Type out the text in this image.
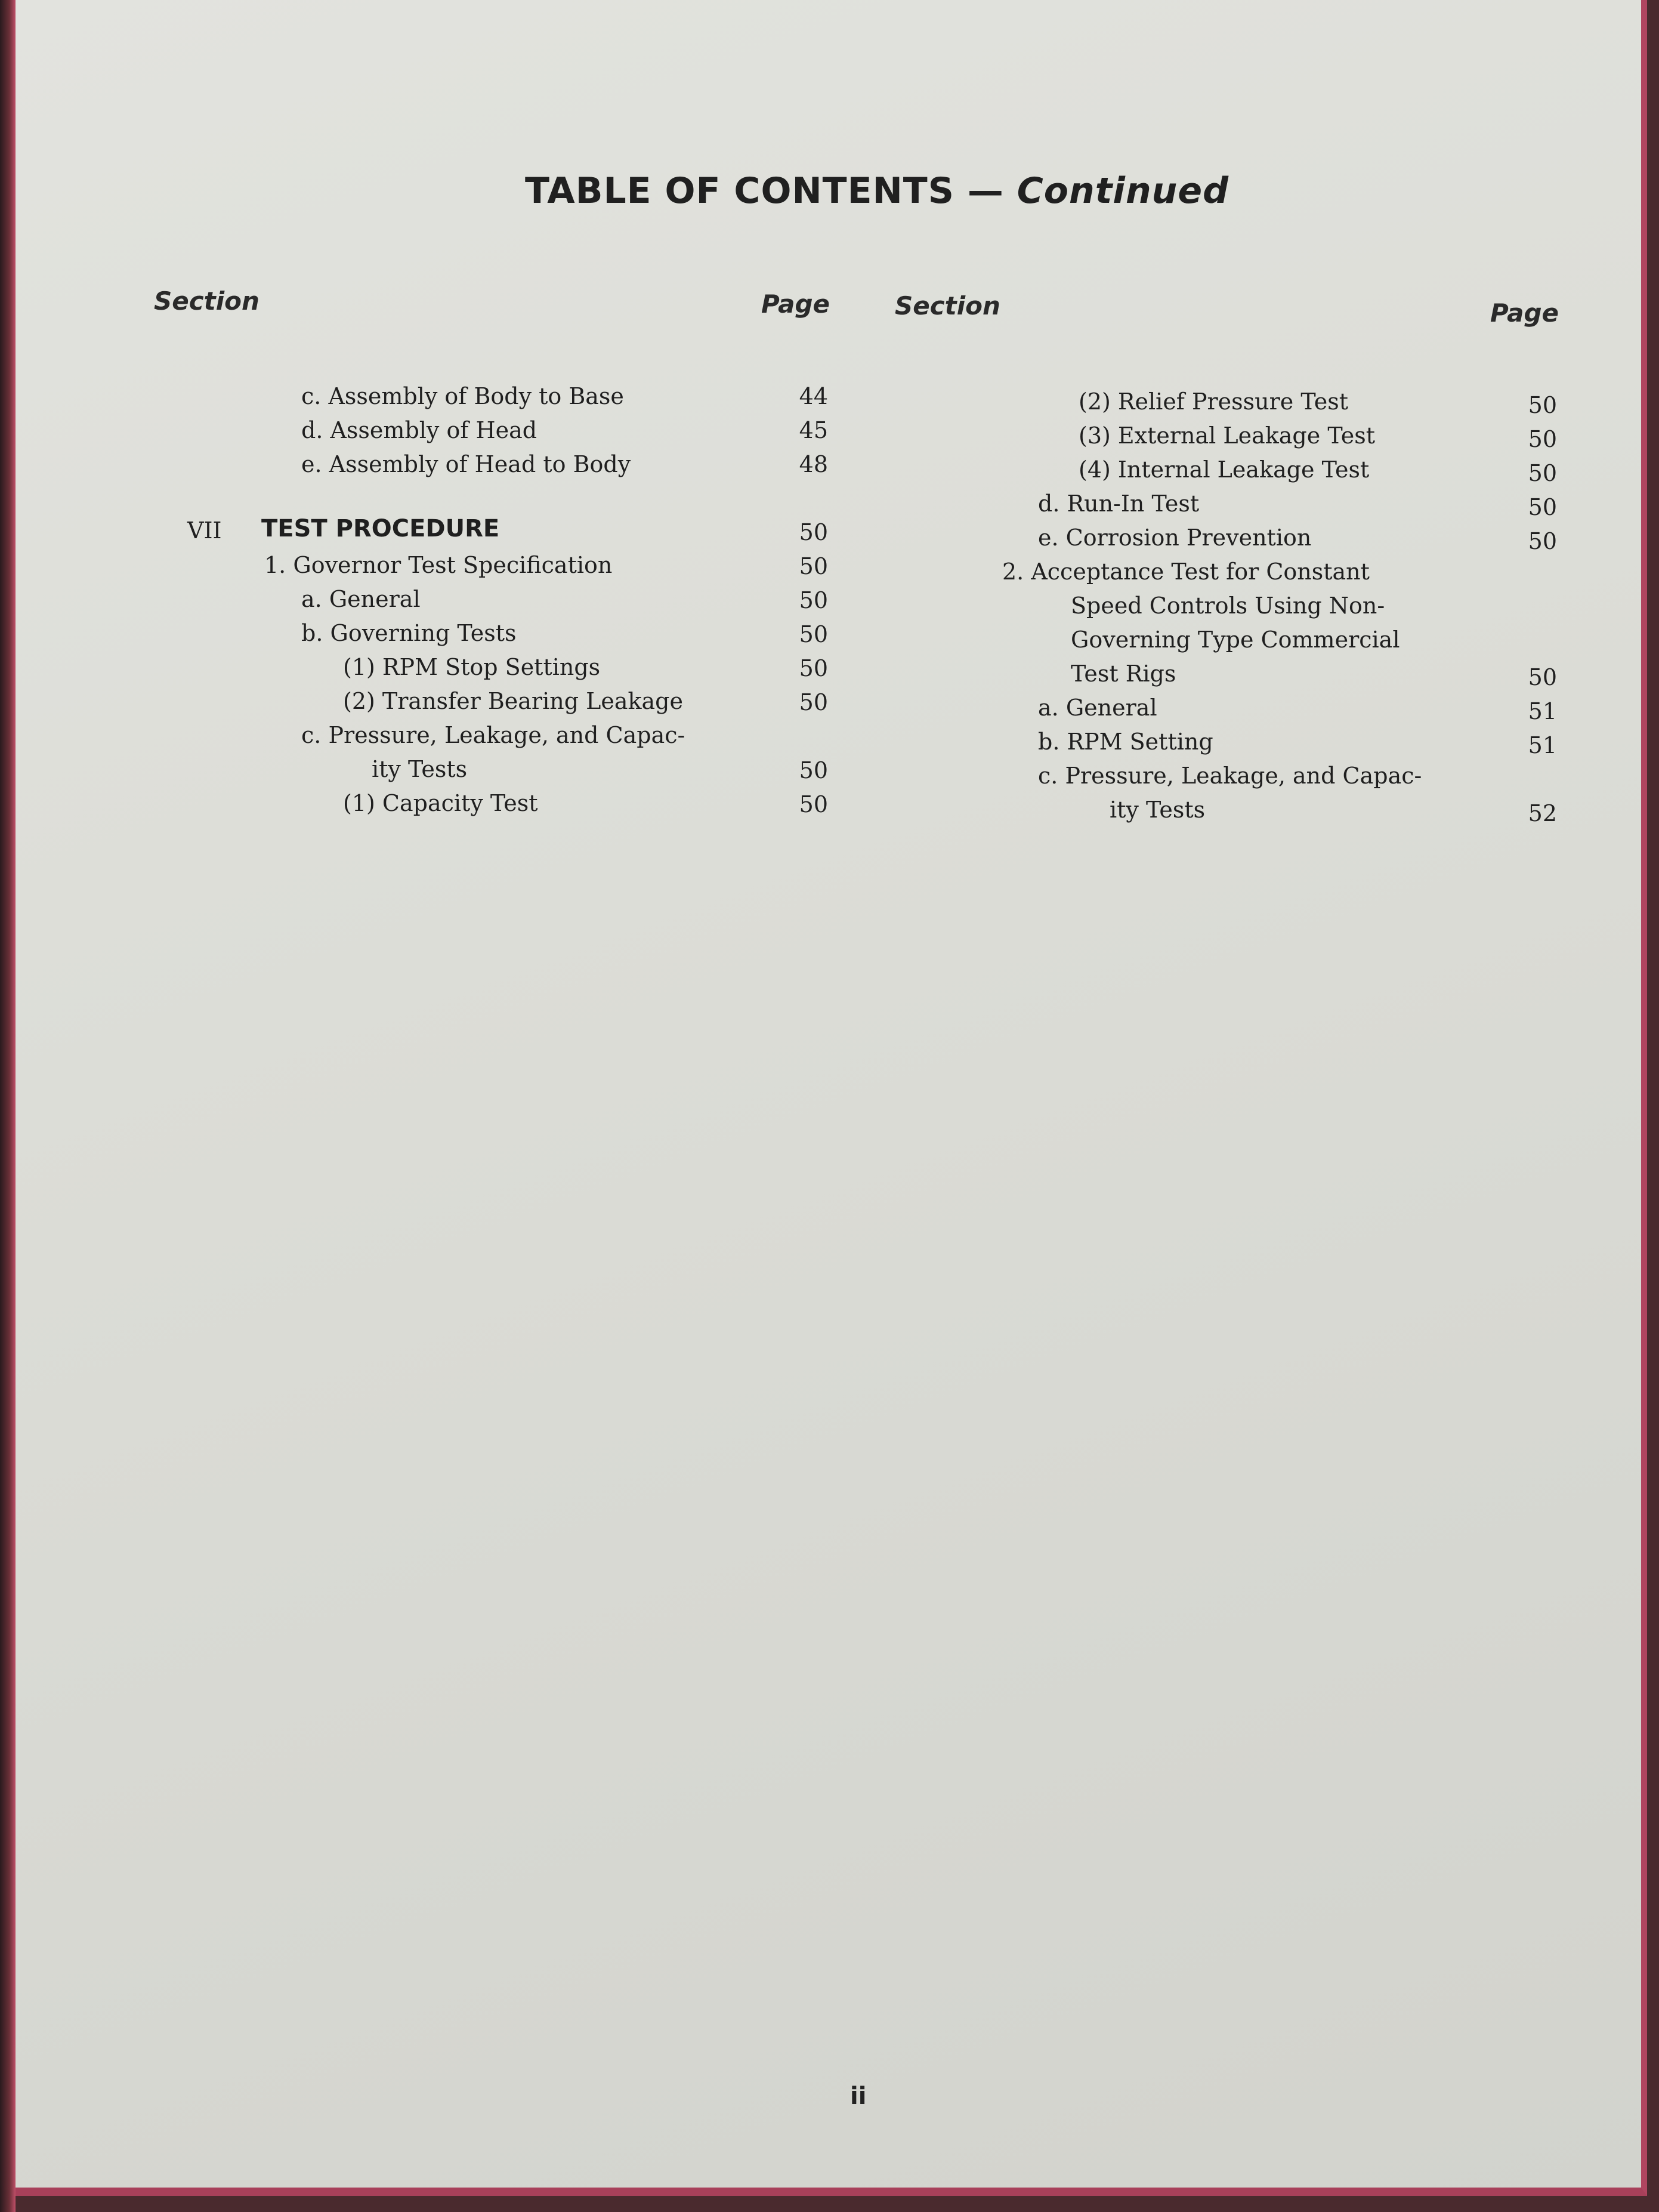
TABLE OF CONTENTS — Continued
Section	Page	Section	Page
c. Assembly of Body to Base	44
d. Assembly of Head	45
e. Assembly of Head to Body	48
VII TEST PROCEDURE	50
1. Governor Test Specification	50
a. General	50
b. Governing Tests	50
(1) RPM Stop Settings	50
(2) Transfer Bearing Leakage	50
c. Pressure, Leakage, and Capac-
ity Tests	50
(1) Capacity Test	50
(2) Relief Pressure Test	50
(3) External Leakage Test	50
(4) Internal Leakage Test	50
d. Run-In Test	50
e. Corrosion Prevention	50
2. Acceptance Test for Constant
Speed Controls Using Non-
Governing Type Commercial
Test Rigs	50
a. General	51
b. RPM Setting	51
c. Pressure, Leakage, and Capac-
ity Tests	52
ii
